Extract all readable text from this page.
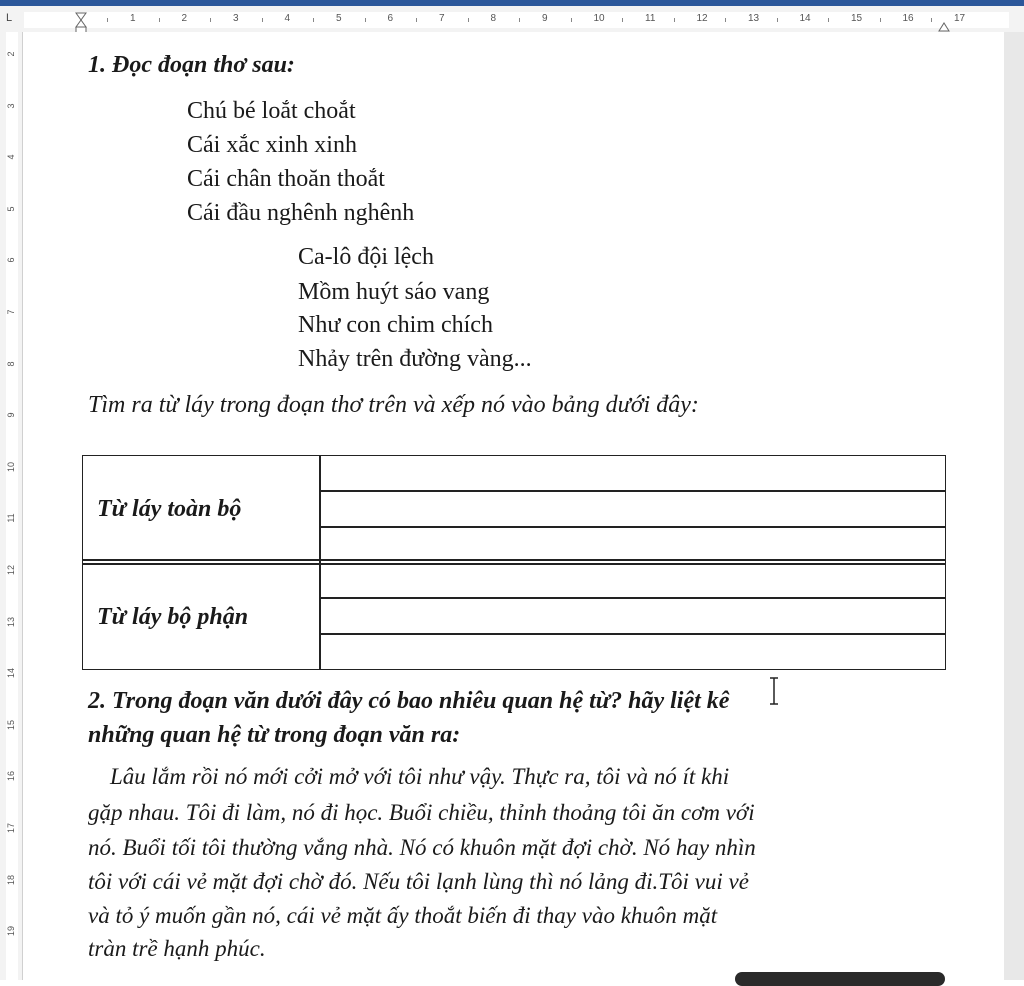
L	1	2	3	4	5	6	7	8	9	10	11	12	13	14	15	16	17
2
3
4
5
6
7
8
9
10
11
12
13
14
15
16
17
18
19
1. Đọc đoạn thơ sau:
Chú bé loắt choắt
Cái xắc xinh xinh
Cái chân thoăn thoắt
Cái đầu nghênh nghênh
Ca-lô đội lệch
Mồm huýt sáo vang
Như con chim chích
Nhảy trên đường vàng...
Tìm ra từ láy trong đoạn thơ trên và xếp nó vào bảng dưới đây:
Từ láy toàn bộ
Từ láy bộ phận
2. Trong đoạn văn dưới đây có bao nhiêu quan hệ từ? hãy liệt kê
những quan hệ từ trong đoạn văn ra:
Lâu lắm rồi nó mới cởi mở với tôi như vậy. Thực ra, tôi và nó ít khi
gặp nhau. Tôi đi làm, nó đi học. Buổi chiều, thỉnh thoảng tôi ăn cơm với
nó. Buổi tối tôi thường vắng nhà. Nó có khuôn mặt đợi chờ. Nó hay nhìn
tôi với cái vẻ mặt đợi chờ đó. Nếu tôi lạnh lùng thì nó lảng đi.Tôi vui vẻ
và tỏ ý muốn gần nó, cái vẻ mặt ấy thoắt biến đi thay vào khuôn mặt
tràn trề hạnh phúc.
